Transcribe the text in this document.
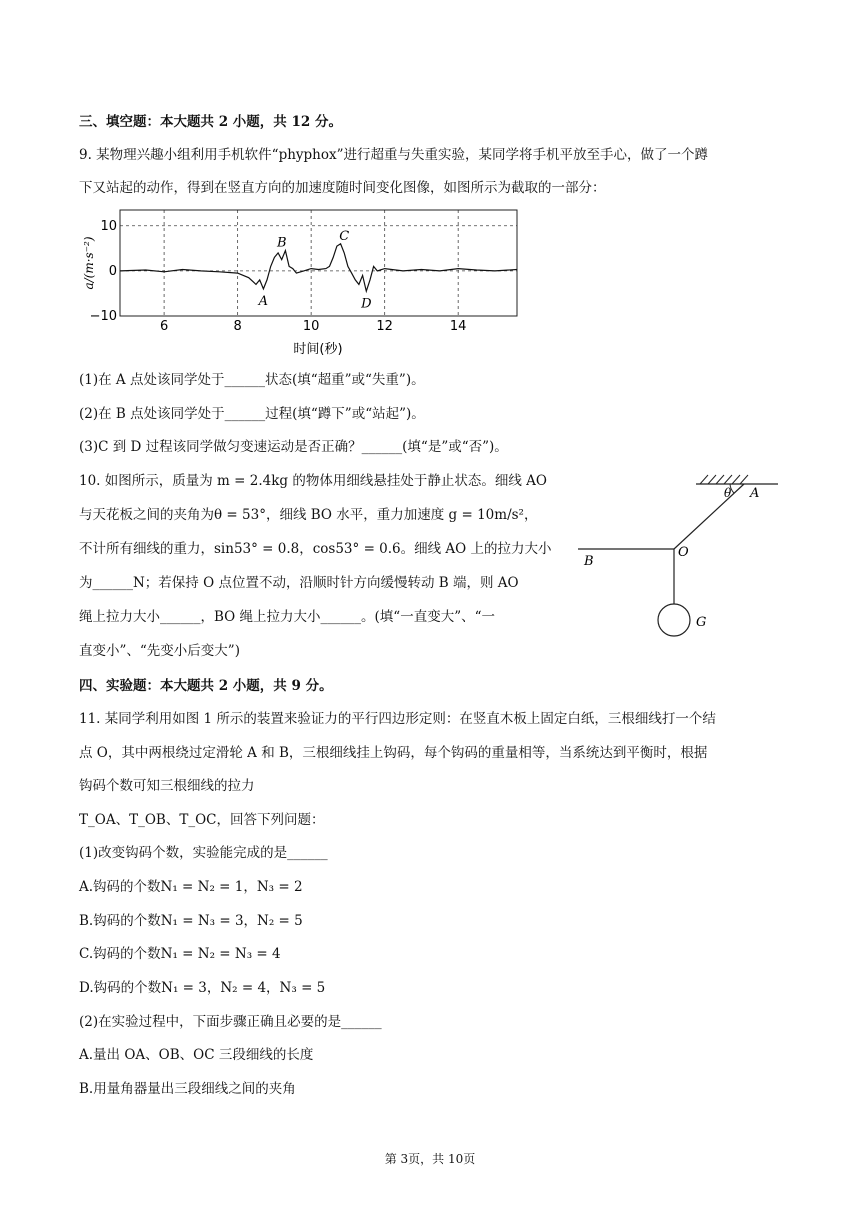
三、填空题：本大题共 2 小题，共 12 分。
9. 某物理兴趣小组利用手机软件“phyphox”进行超重与失重实验，某同学将手机平放至手心，做了一个蹲
下又站起的动作，得到在竖直方向的加速度随时间变化图像，如图所示为截取的一部分：
6	8	10	12	14
10
0
−10
A
B	C
D
a/(m·s⁻²)
时间(秒)
(1)在 A 点处该同学处于______状态(填“超重”或“失重”)。
(2)在 B 点处该同学处于______过程(填“蹲下”或“站起”)。
(3)C 到 D 过程该同学做匀变速运动是否正确？______(填“是”或“否”)。
10. 如图所示，质量为 m = 2.4kg 的物体用细线悬挂处于静止状态。细线 AO
与天花板之间的夹角为θ = 53°，细线 BO 水平，重力加速度 g = 10m/s²，
不计所有细线的重力，sin53° = 0.8，cos53° = 0.6。细线 AO 上的拉力大小
为______N；若保持 O 点位置不动，沿顺时针方向缓慢转动 B 端，则 AO
绳上拉力大小______，BO 绳上拉力大小______。(填“一直变大”、“一
直变小”、“先变小后变大”)
θ A
B
O
G
四、实验题：本大题共 2 小题，共 9 分。
11. 某同学利用如图 1 所示的装置来验证力的平行四边形定则：在竖直木板上固定白纸，三根细线打一个结
点 O，其中两根绕过定滑轮 A 和 B，三根细线挂上钩码，每个钩码的重量相等，当系统达到平衡时，根据
钩码个数可知三根细线的拉力
T_OA、T_OB、T_OC，回答下列问题：
(1)改变钩码个数，实验能完成的是______
A.钩码的个数N₁ = N₂ = 1，N₃ = 2
B.钩码的个数N₁ = N₃ = 3，N₂ = 5
C.钩码的个数N₁ = N₂ = N₃ = 4
D.钩码的个数N₁ = 3，N₂ = 4，N₃ = 5
(2)在实验过程中，下面步骤正确且必要的是______
A.量出 OA、OB、OC 三段细线的长度
B.用量角器量出三段细线之间的夹角
第 3页，共 10页
